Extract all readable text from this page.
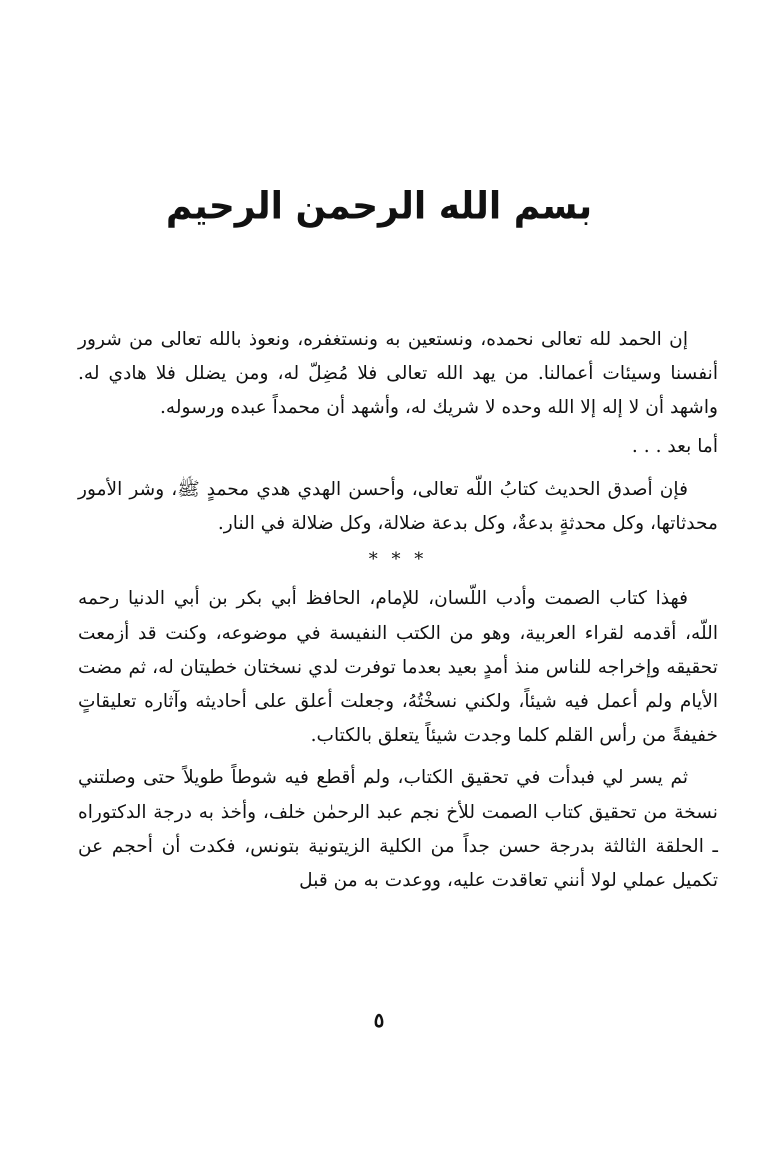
بسم الله الرحمن الرحيم

إن الحمد لله تعالى نحمده، ونستعين به ونستغفره، ونعوذ بالله تعالى من شرور أنفسنا وسيئات أعمالنا. من يهد الله تعالى فلا مُضِلّ له، ومن يضلل فلا هادي له. واشهد أن لا إله إلا الله وحده لا شريك له، وأشهد أن محمداً عبده ورسوله.

أما بعد . . .

فإن أصدق الحديث كتابُ اللّه تعالى، وأحسن الهدي هدي محمدٍ ﷺ، وشر الأمور محدثاتها، وكل محدثةٍ بدعةٌ، وكل بدعة ضلالة، وكل ضلالة في النار.

* * *

فهذا كتاب الصمت وأدب اللّسان، للإمام، الحافظ أبي بكر بن أبي الدنيا رحمه اللّه، أقدمه لقراء العربية، وهو من الكتب النفيسة في موضوعه، وكنت قد أزمعت تحقيقه وإخراجه للناس منذ أمدٍ بعيد بعدما توفرت لدي نسختان خطيتان له، ثم مضت الأيام ولم أعمل فيه شيئاً، ولكني نسخْتُهُ، وجعلت أعلق على أحاديثه وآثاره تعليقاتٍ خفيفةً من رأس القلم كلما وجدت شيئاً يتعلق بالكتاب.

ثم يسر لي فبدأت في تحقيق الكتاب، ولم أقطع فيه شوطاً طويلاً حتى وصلتني نسخة من تحقيق كتاب الصمت للأخ نجم عبد الرحمٰن خلف، وأخذ به درجة الدكتوراه ـ الحلقة الثالثة بدرجة حسن جداً من الكلية الزيتونية بتونس، فكدت أن أحجم عن تكميل عملي لولا أنني تعاقدت عليه، ووعدت به من قبل

٥
